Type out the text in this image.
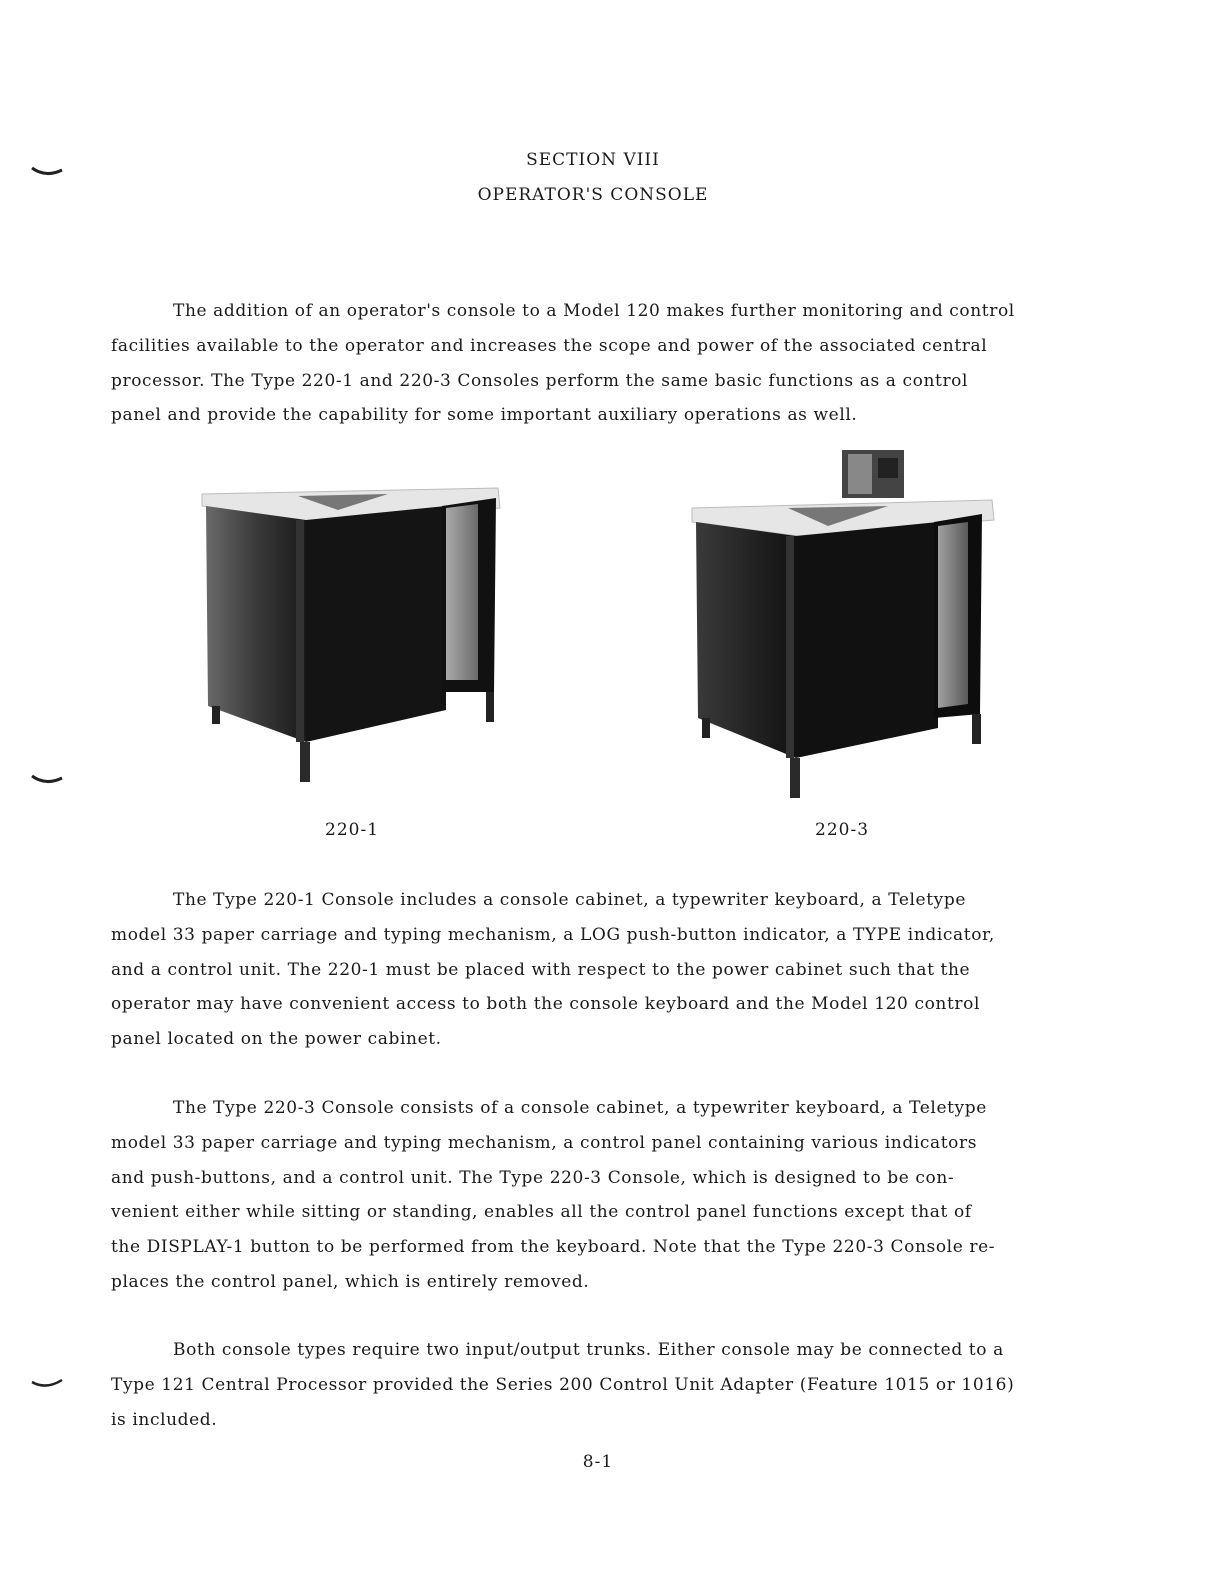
SECTION VIII
OPERATOR'S CONSOLE
The addition of an operator's console to a Model 120 makes further monitoring and control
facilities available to the operator and increases the scope and power of the associated central
processor. The Type 220-1 and 220-3 Consoles perform the same basic functions as a control
panel and provide the capability for some important auxiliary operations as well.
220-1	220-3
The Type 220-1 Console includes a console cabinet, a typewriter keyboard, a Teletype
model 33 paper carriage and typing mechanism, a LOG push-button indicator, a TYPE indicator,
and a control unit. The 220-1 must be placed with respect to the power cabinet such that the
operator may have convenient access to both the console keyboard and the Model 120 control
panel located on the power cabinet.
The Type 220-3 Console consists of a console cabinet, a typewriter keyboard, a Teletype
model 33 paper carriage and typing mechanism, a control panel containing various indicators
and push-buttons, and a control unit. The Type 220-3 Console, which is designed to be con-
venient either while sitting or standing, enables all the control panel functions except that of
the DISPLAY-1 button to be performed from the keyboard. Note that the Type 220-3 Console re-
places the control panel, which is entirely removed.
Both console types require two input/output trunks. Either console may be connected to a
Type 121 Central Processor provided the Series 200 Control Unit Adapter (Feature 1015 or 1016)
is included.
8-1
